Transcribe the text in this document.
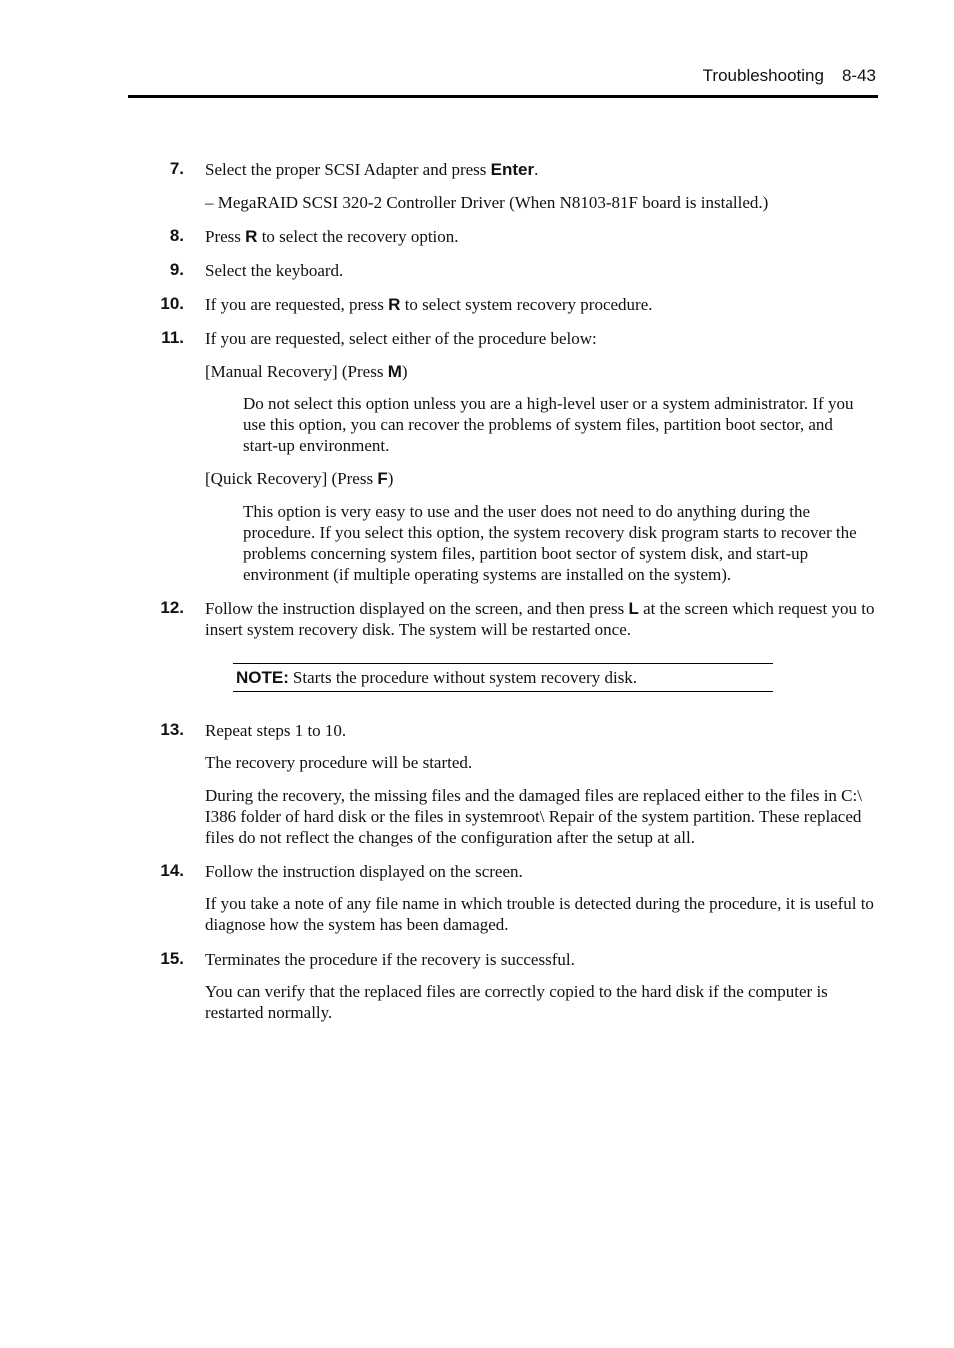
Troubleshooting 8-43
7. Select the proper SCSI Adapter and press Enter.
– MegaRAID SCSI 320-2 Controller Driver (When N8103-81F board is installed.)
8. Press R to select the recovery option.
9. Select the keyboard.
10. If you are requested, press R to select system recovery procedure.
11. If you are requested, select either of the procedure below:
[Manual Recovery] (Press M)
Do not select this option unless you are a high-level user or a system administrator. If you use this option, you can recover the problems of system files, partition boot sector, and start-up environment.
[Quick Recovery] (Press F)
This option is very easy to use and the user does not need to do anything during the procedure. If you select this option, the system recovery disk program starts to recover the problems concerning system files, partition boot sector of system disk, and start-up environment (if multiple operating systems are installed on the system).
12. Follow the instruction displayed on the screen, and then press L at the screen which request you to insert system recovery disk. The system will be restarted once.
NOTE: Starts the procedure without system recovery disk.
13. Repeat steps 1 to 10.
The recovery procedure will be started.
During the recovery, the missing files and the damaged files are replaced either to the files in C:\ I386 folder of hard disk or the files in systemroot\ Repair of the system partition. These replaced files do not reflect the changes of the configuration after the setup at all.
14. Follow the instruction displayed on the screen.
If you take a note of any file name in which trouble is detected during the procedure, it is useful to diagnose how the system has been damaged.
15. Terminates the procedure if the recovery is successful.
You can verify that the replaced files are correctly copied to the hard disk if the computer is restarted normally.
